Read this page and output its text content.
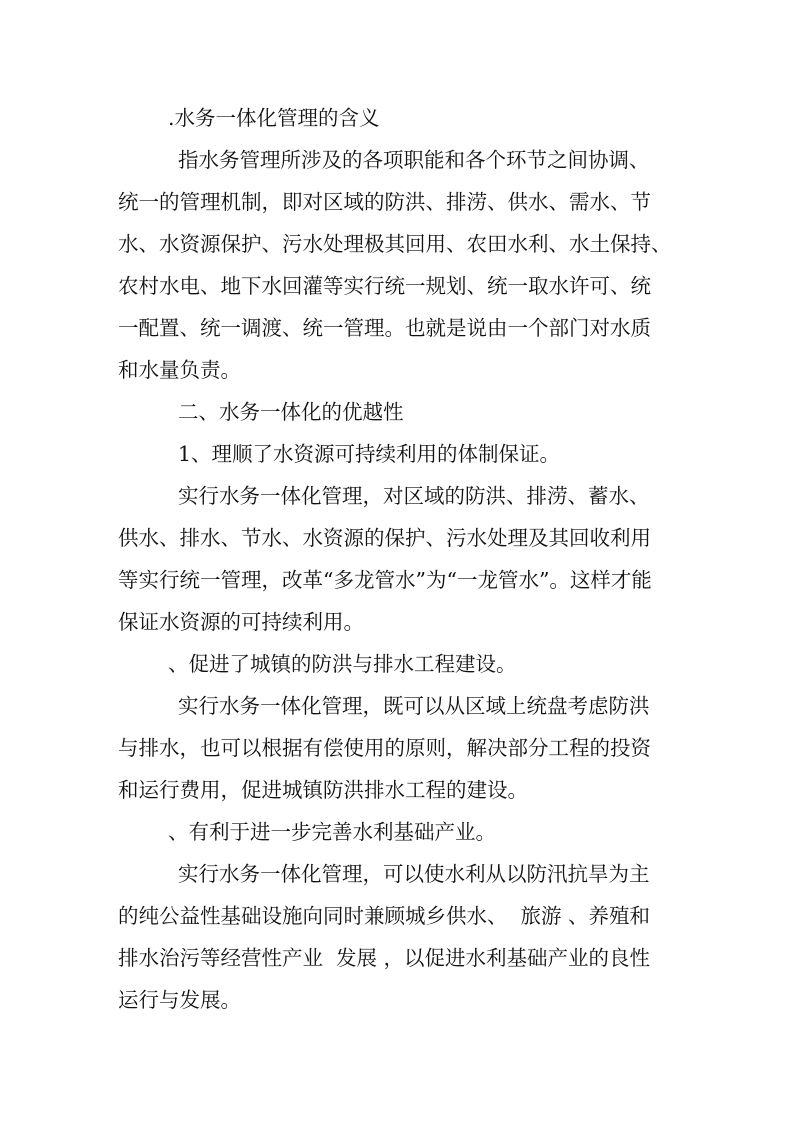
.水务一体化管理的含义
指水务管理所涉及的各项职能和各个环节之间协调、
统一的管理机制，即对区域的防洪、排涝、供水、需水、节
水、水资源保护、污水处理极其回用、农田水利、水土保持、
农村水电、地下水回灌等实行统一规划、统一取水许可、统
一配置、统一调渡、统一管理。也就是说由一个部门对水质
和水量负责。
二、水务一体化的优越性
1、理顺了水资源可持续利用的体制保证。
实行水务一体化管理，对区域的防洪、排涝、蓄水、
供水、排水、节水、水资源的保护、污水处理及其回收利用
等实行统一管理，改革“多龙管水”为“一龙管水”。这样才能
保证水资源的可持续利用。
、促进了城镇的防洪与排水工程建设。
实行水务一体化管理，既可以从区域上统盘考虑防洪
与排水，也可以根据有偿使用的原则，解决部分工程的投资
和运行费用，促进城镇防洪排水工程的建设。
、有利于进一步完善水利基础产业。
实行水务一体化管理，可以使水利从以防汛抗旱为主
的纯公益性基础设施向同时兼顾城乡供水、  旅游 、养殖和
排水治污等经营性产业  发展 ，以促进水利基础产业的良性
运行与发展。
